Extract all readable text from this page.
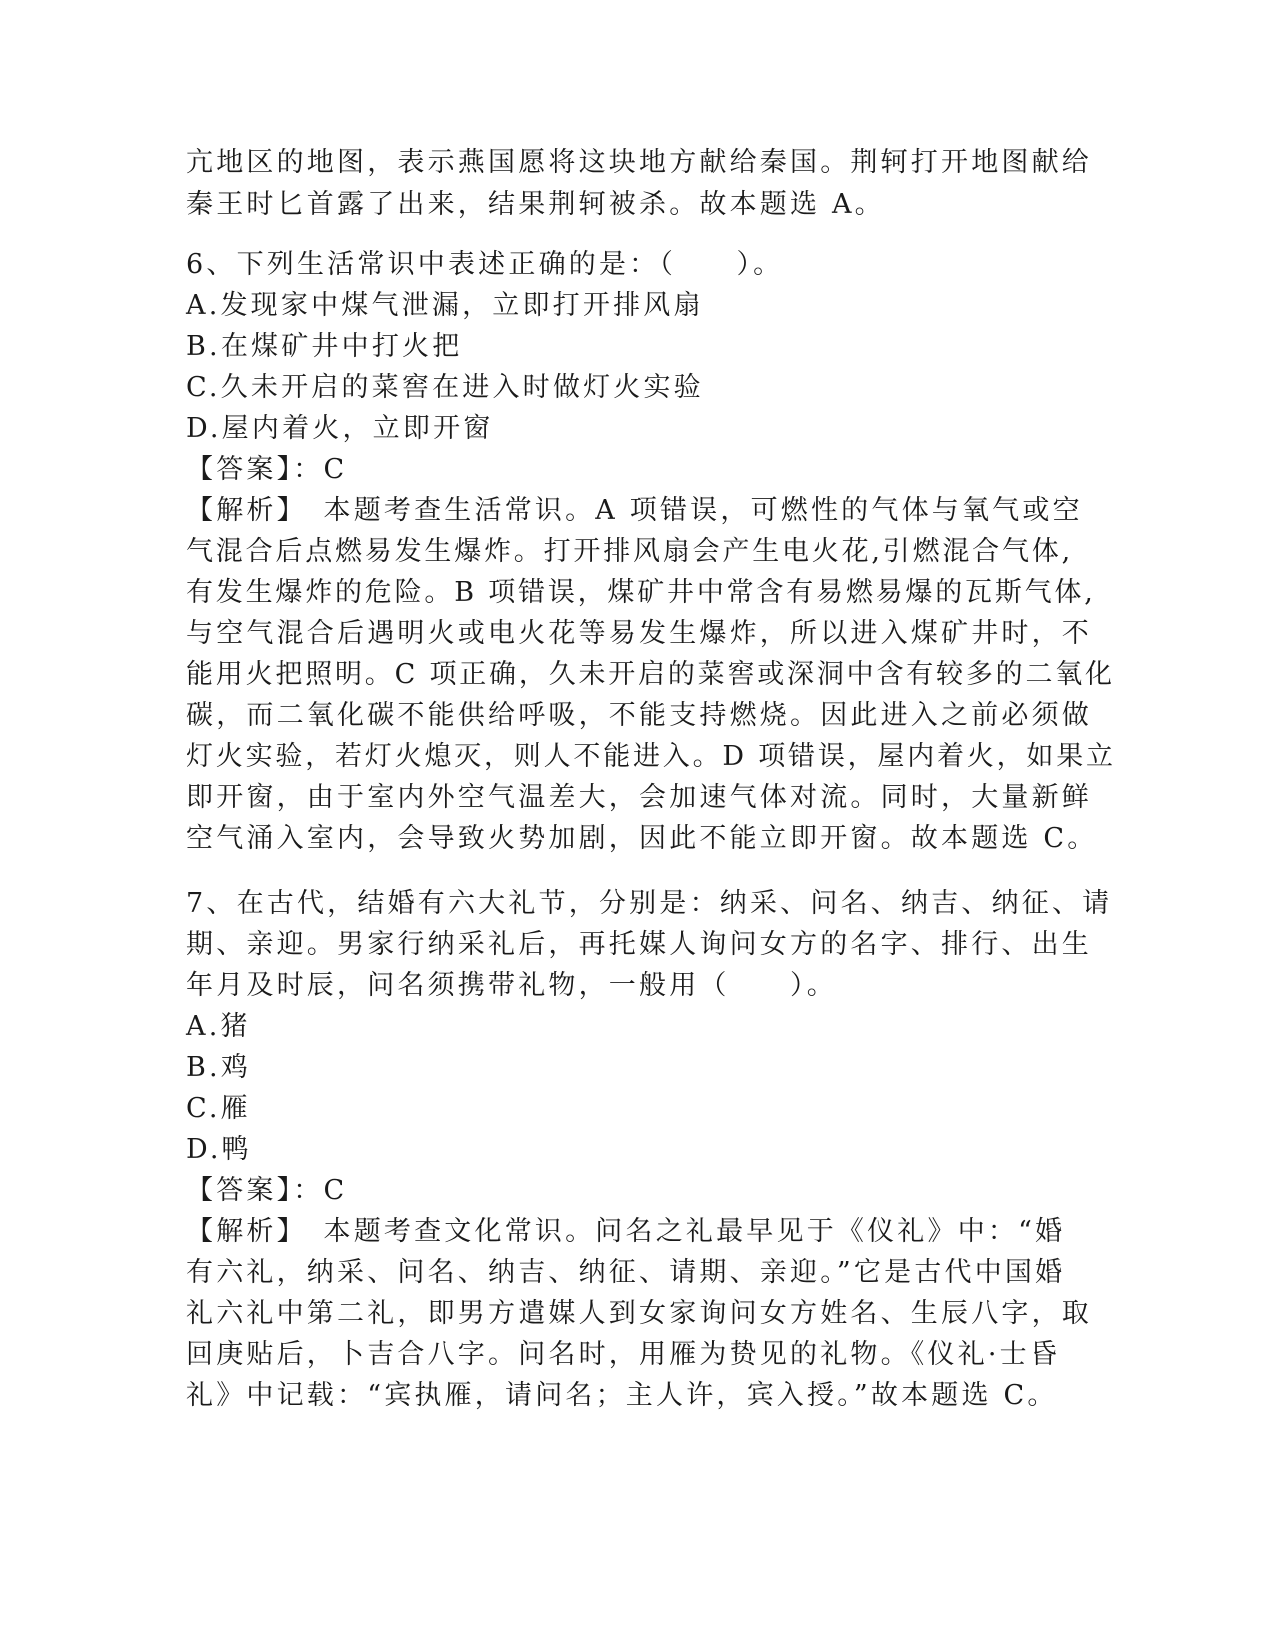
亢地区的地图，表示燕国愿将这块地方献给秦国。荆轲打开地图献给
秦王时匕首露了出来，结果荆轲被杀。故本题选 A。
6、下列生活常识中表述正确的是：（　　）。
A.发现家中煤气泄漏，立即打开排风扇
B.在煤矿井中打火把
C.久未开启的菜窖在进入时做灯火实验
D.屋内着火，立即开窗
【答案】：C
【解析】　本题考查生活常识。A 项错误，可燃性的气体与氧气或空
气混合后点燃易发生爆炸。打开排风扇会产生电火花,引燃混合气体,
有发生爆炸的危险。B 项错误，煤矿井中常含有易燃易爆的瓦斯气体,
与空气混合后遇明火或电火花等易发生爆炸，所以进入煤矿井时，不
能用火把照明。C 项正确，久未开启的菜窖或深洞中含有较多的二氧化
碳，而二氧化碳不能供给呼吸，不能支持燃烧。因此进入之前必须做
灯火实验，若灯火熄灭，则人不能进入。D 项错误，屋内着火，如果立
即开窗，由于室内外空气温差大，会加速气体对流。同时，大量新鲜
空气涌入室内，会导致火势加剧，因此不能立即开窗。故本题选 C。
7、在古代，结婚有六大礼节，分别是：纳采、问名、纳吉、纳征、请
期、亲迎。男家行纳采礼后，再托媒人询问女方的名字、排行、出生
年月及时辰，问名须携带礼物，一般用（　　）。
A.猪
B.鸡
C.雁
D.鸭
【答案】：C
【解析】　本题考查文化常识。问名之礼最早见于《仪礼》中：“婚
有六礼，纳采、问名、纳吉、纳征、请期、亲迎。”它是古代中国婚
礼六礼中第二礼，即男方遣媒人到女家询问女方姓名、生辰八字，取
回庚贴后，卜吉合八字。问名时，用雁为贽见的礼物。《仪礼·士昏
礼》中记载：“宾执雁，请问名；主人许，宾入授。”故本题选 C。
